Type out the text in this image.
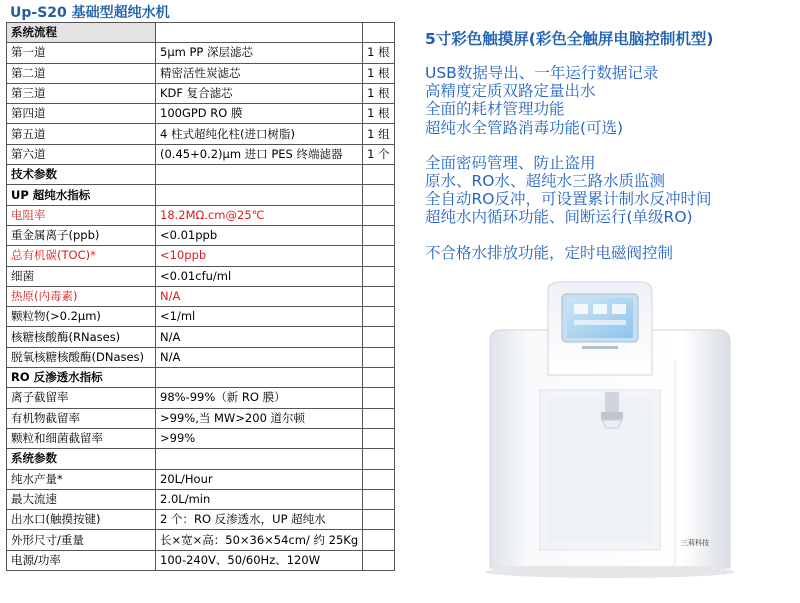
Up-S20 基础型超纯水机
系统流程		
第一道	5μm PP 深层滤芯	1 根
第二道	精密活性炭滤芯	1 根
第三道	KDF 复合滤芯	1 根
第四道	100GPD RO 膜	1 根
第五道	4 柱式超纯化柱(进口树脂)	1 组
第六道	(0.45+0.2)μm 进口 PES 终端滤器	1 个
技术参数		
UP 超纯水指标		
电阻率	18.2MΩ.cm@25℃	
重金属离子(ppb)	<0.01ppb	
总有机碳(TOC)*	<10ppb	
细菌	<0.01cfu/ml	
热原(内毒素)	N/A	
颗粒物(>0.2μm)	<1/ml	
核糖核酸酶(RNases)	N/A	
脱氧核糖核酸酶(DNases)	N/A	
RO 反渗透水指标		
离子截留率	98%-99%（新 RO 膜）	
有机物截留率	>99%,当 MW>200 道尔顿	
颗粒和细菌截留率	>99%	
系统参数		
纯水产量*	20L/Hour	
最大流速	2.0L/min	
出水口(触摸按键)	2 个：RO 反渗透水，UP 超纯水	
外形尺寸/重量	长×宽×高：50×36×54cm/ 约 25Kg	
电源/功率	100-240V、50/60Hz、120W	
5寸彩色触摸屏(彩色全触屏电脑控制机型)
USB数据导出、一年运行数据记录
高精度定质双路定量出水
全面的耗材管理功能
超纯水全管路消毒功能(可选)
全面密码管理、防止盗用
原水、RO水、超纯水三路水质监测
全自动RO反冲，可设置累计制水反冲时间
超纯水内循环功能、间断运行(单级RO)
不合格水排放功能，定时电磁阀控制
三莉科技
